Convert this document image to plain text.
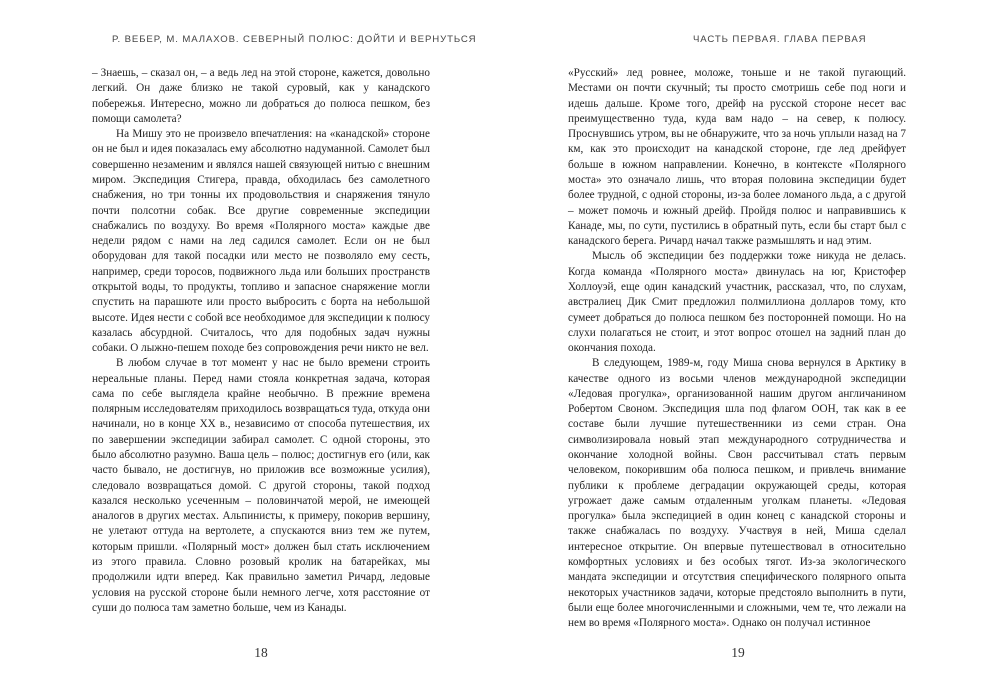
Р. ВЕБЕР, М. МАЛАХОВ. СЕВЕРНЫЙ ПОЛЮС: ДОЙТИ И ВЕРНУТЬСЯ

– Знаешь, – сказал он, – а ведь лед на этой стороне, кажется, довольно легкий. Он даже близко не такой суровый, как у канадского побережья. Интересно, можно ли добраться до полюса пешком, без помощи самолета?

На Мишу это не произвело впечатления: на «канадской» стороне он не был и идея показалась ему абсолютно надуманной. Самолет был совершенно незаменим и являлся нашей связующей нитью с внешним миром. Экспедиция Стигера, правда, обходилась без самолетного снабжения, но три тонны их продовольствия и снаряжения тянуло почти полсотни собак. Все другие современные экспедиции снабжались по воздуху. Во время «Полярного моста» каждые две недели рядом с нами на лед садился самолет. Если он не был оборудован для такой посадки или место не позволяло ему сесть, например, среди торосов, подвижного льда или больших пространств открытой воды, то продукты, топливо и запасное снаряжение могли спустить на парашюте или просто выбросить с борта на небольшой высоте. Идея нести с собой все необходимое для экспедиции к полюсу казалась абсурдной. Считалось, что для подобных задач нужны собаки. О лыжно-пешем походе без сопровождения речи никто не вел.

В любом случае в тот момент у нас не было времени строить нереальные планы. Перед нами стояла конкретная задача, которая сама по себе выглядела крайне необычно. В прежние времена полярным исследователям приходилось возвращаться туда, откуда они начинали, но в конце XX в., независимо от способа путешествия, их по завершении экспедиции забирал самолет. С одной стороны, это было абсолютно разумно. Ваша цель – полюс; достигнув его (или, как часто бывало, не достигнув, но приложив все возможные усилия), следовало возвращаться домой. С другой стороны, такой подход казался несколько усеченным – половинчатой мерой, не имеющей аналогов в других местах. Альпинисты, к примеру, покорив вершину, не улетают оттуда на вертолете, а спускаются вниз тем же путем, которым пришли. «Полярный мост» должен был стать исключением из этого правила. Словно розовый кролик на батарейках, мы продолжили идти вперед. Как правильно заметил Ричард, ледовые условия на русской стороне были немного легче, хотя расстояние от суши до полюса там заметно больше, чем из Канады.

18
ЧАСТЬ ПЕРВАЯ. ГЛАВА ПЕРВАЯ

«Русский» лед ровнее, моложе, тоньше и не такой пугающий. Местами он почти скучный; ты просто смотришь себе под ноги и идешь дальше. Кроме того, дрейф на русской стороне несет вас преимущественно туда, куда вам надо – на север, к полюсу. Проснувшись утром, вы не обнаружите, что за ночь уплыли назад на 7 км, как это происходит на канадской стороне, где лед дрейфует больше в южном направлении. Конечно, в контексте «Полярного моста» это означало лишь, что вторая половина экспедиции будет более трудной, с одной стороны, из-за более ломаного льда, а с другой – может помочь и южный дрейф. Пройдя полюс и направившись к Канаде, мы, по сути, пустились в обратный путь, если бы старт был с канадского берега. Ричард начал также размышлять и над этим.

Мысль об экспедиции без поддержки тоже никуда не делась. Когда команда «Полярного моста» двинулась на юг, Кристофер Холлоуэй, еще один канадский участник, рассказал, что, по слухам, австралиец Дик Смит предложил полмиллиона долларов тому, кто сумеет добраться до полюса пешком без посторонней помощи. Но на слухи полагаться не стоит, и этот вопрос отошел на задний план до окончания похода.

В следующем, 1989-м, году Миша снова вернулся в Арктику в качестве одного из восьми членов международной экспедиции «Ледовая прогулка», организованной нашим другом англичанином Робертом Своном. Экспедиция шла под флагом ООН, так как в ее составе были лучшие путешественники из семи стран. Она символизировала новый этап международного сотрудничества и окончание холодной войны. Свон рассчитывал стать первым человеком, покорившим оба полюса пешком, и привлечь внимание публики к проблеме деградации окружающей среды, которая угрожает даже самым отдаленным уголкам планеты. «Ледовая прогулка» была экспедицией в один конец с канадской стороны и также снабжалась по воздуху. Участвуя в ней, Миша сделал интересное открытие. Он впервые путешествовал в относительно комфортных условиях и без особых тягот. Из-за экологического мандата экспедиции и отсутствия специфического полярного опыта некоторых участников задачи, которые предстояло выполнить в пути, были еще более многочисленными и сложными, чем те, что лежали на нем во время «Полярного моста». Однако он получал истинное

19
